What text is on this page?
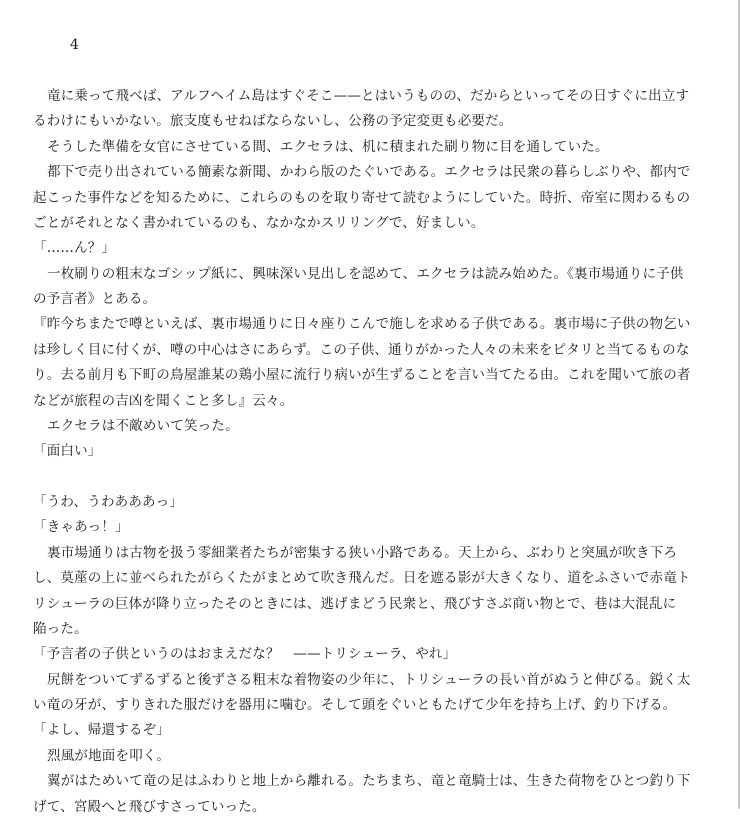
4
竜に乗って飛べば、アルフヘイム島はすぐそこ——とはいうものの、だからといってその日すぐに出立す
るわけにもいかない。旅支度もせねばならないし、公務の予定変更も必要だ。
そうした準備を女官にさせている間、エクセラは、机に積まれた刷り物に目を通していた。
都下で売り出されている簡素な新聞、かわら版のたぐいである。エクセラは民衆の暮らしぶりや、都内で
起こった事件などを知るために、これらのものを取り寄せて読むようにしていた。時折、帝室に関わるもの
ごとがそれとなく書かれているのも、なかなかスリリングで、好ましい。
「……ん？」
一枚刷りの粗末なゴシップ紙に、興味深い見出しを認めて、エクセラは読み始めた。《裏市場通りに子供
の予言者》とある。
『昨今ちまたで噂といえば、裏市場通りに日々座りこんで施しを求める子供である。裏市場に子供の物乞い
は珍しく目に付くが、噂の中心はさにあらず。この子供、通りがかった人々の未来をピタリと当てるものな
り。去る前月も下町の鳥屋誰某の鶏小屋に流行り病いが生ずることを言い当てたる由。これを聞いて旅の者
などが旅程の吉凶を聞くこと多し』云々。
エクセラは不敵めいて笑った。
「面白い」
「うわ、うわあああっ」
「きゃあっ！」
裏市場通りは古物を扱う零細業者たちが密集する狭い小路である。天上から、ぶわりと突風が吹き下ろ
し、莫蓙の上に並べられたがらくたがまとめて吹き飛んだ。日を遮る影が大きくなり、道をふさいで赤竜ト
リシューラの巨体が降り立ったそのときには、逃げまどう民衆と、飛びすさぶ商い物とで、巷は大混乱に
陥った。
「予言者の子供というのはおまえだな？　——トリシューラ、やれ」
尻餅をついてずるずると後ずさる粗末な着物姿の少年に、トリシューラの長い首がぬうと伸びる。鋭く太
い竜の牙が、すりきれた服だけを器用に噛む。そして頭をぐいともたげて少年を持ち上げ、釣り下げる。
「よし、帰還するぞ」
烈風が地面を叩く。
翼がはためいて竜の足はふわりと地上から離れる。たちまち、竜と竜騎士は、生きた荷物をひとつ釣り下
げて、宮殿へと飛びすさっていった。
